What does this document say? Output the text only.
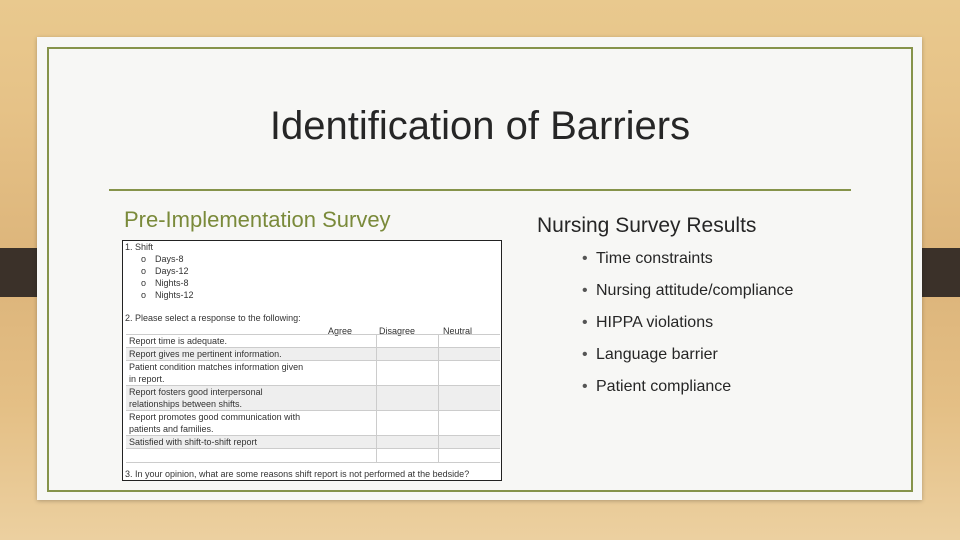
Identification of Barriers
Pre-Implementation Survey
1. Shift
o Days-8
o Days-12
o Nights-8
o Nights-12
2. Please select a response to the following:
Agree	Disagree	Neutral
Report time is adequate.		
Report gives me pertinent information.		

Patient condition matches information given
in report.		

Report fosters good interpersonal
relationships between shifts.		

Report promotes good communication with
patients and families.		

Satisfied with shift-to-shift report		

3. In your opinion, what are some reasons shift report is not performed at the bedside?
Nursing Survey Results
• Time constraints
• Nursing attitude/compliance
• HIPPA violations
• Language barrier
• Patient compliance
